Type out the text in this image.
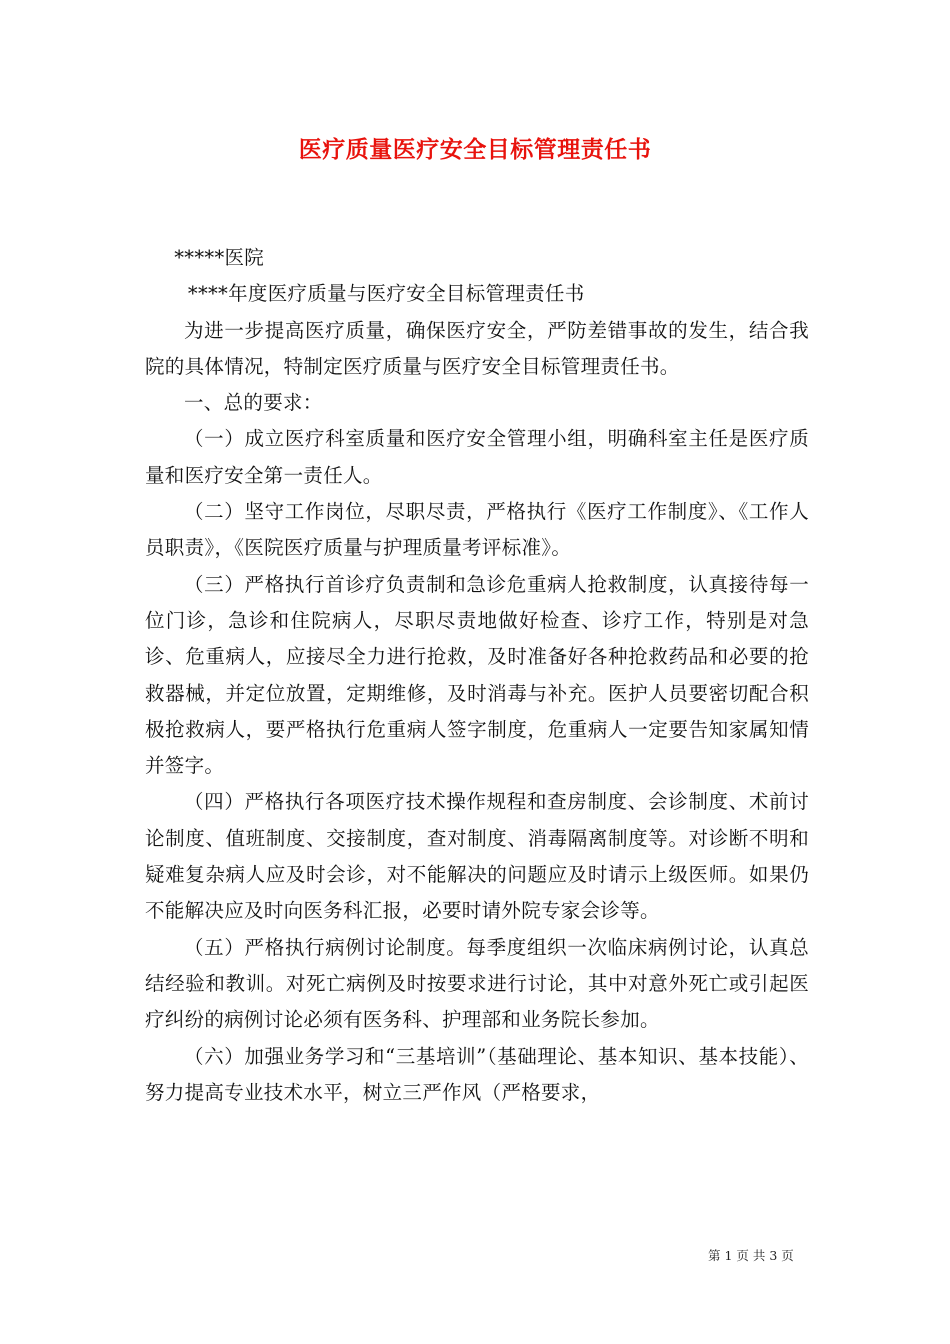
医疗质量医疗安全目标管理责任书

*****医院

****年度医疗质量与医疗安全目标管理责任书

为进一步提高医疗质量，确保医疗安全，严防差错事故的发生，结合我院的具体情况，特制定医疗质量与医疗安全目标管理责任书。

一、总的要求：

（一）成立医疗科室质量和医疗安全管理小组，明确科室主任是医疗质量和医疗安全第一责任人。

（二）坚守工作岗位，尽职尽责，严格执行《医疗工作制度》、《工作人员职责》，《医院医疗质量与护理质量考评标准》。

（三）严格执行首诊疗负责制和急诊危重病人抢救制度，认真接待每一位门诊，急诊和住院病人，尽职尽责地做好检查、诊疗工作，特别是对急诊、危重病人，应接尽全力进行抢救，及时准备好各种抢救药品和必要的抢救器械，并定位放置，定期维修，及时消毒与补充。医护人员要密切配合积极抢救病人，要严格执行危重病人签字制度，危重病人一定要告知家属知情并签字。

（四）严格执行各项医疗技术操作规程和查房制度、会诊制度、术前讨论制度、值班制度、交接制度，查对制度、消毒隔离制度等。对诊断不明和疑难复杂病人应及时会诊，对不能解决的问题应及时请示上级医师。如果仍不能解决应及时向医务科汇报，必要时请外院专家会诊等。

（五）严格执行病例讨论制度。每季度组织一次临床病例讨论，认真总结经验和教训。对死亡病例及时按要求进行讨论，其中对意外死亡或引起医疗纠纷的病例讨论必须有医务科、护理部和业务院长参加。

（六）加强业务学习和“三基培训”（基础理论、基本知识、基本技能）、努力提高专业技术水平，树立三严作风（严格要求，

第 1 页 共 3 页
